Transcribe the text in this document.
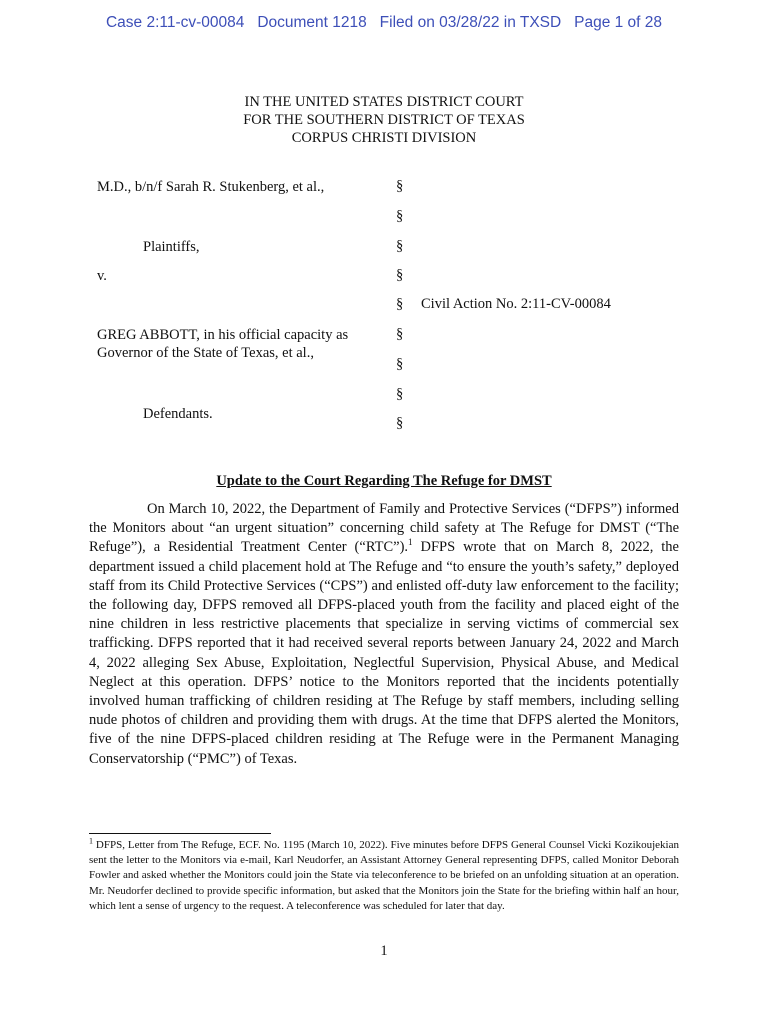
Case 2:11-cv-00084 Document 1218 Filed on 03/28/22 in TXSD Page 1 of 28
IN THE UNITED STATES DISTRICT COURT
FOR THE SOUTHERN DISTRICT OF TEXAS
CORPUS CHRISTI DIVISION
M.D., b/n/f Sarah R. Stukenberg, et al.,
Plaintiffs,
v.
GREG ABBOTT, in his official capacity as
Governor of the State of Texas, et al.,
Defendants.
§
§
§
§
§
§
§
§
§
Civil Action No. 2:11-CV-00084
Update to the Court Regarding The Refuge for DMST

On March 10, 2022, the Department of Family and Protective Services (“DFPS”) informed the Monitors about “an urgent situation” concerning child safety at The Refuge for DMST (“The Refuge”), a Residential Treatment Center (“RTC”).$^1$ DFPS wrote that on March 8, 2022, the department issued a child placement hold at The Refuge and “to ensure the youth’s safety,” deployed staff from its Child Protective Services (“CPS”) and enlisted off-duty law enforcement to the facility; the following day, DFPS removed all DFPS-placed youth from the facility and placed eight of the nine children in less restrictive placements that specialize in serving victims of commercial sex trafficking. DFPS reported that it had received several reports between January 24, 2022 and March 4, 2022 alleging Sex Abuse, Exploitation, Neglectful Supervision, Physical Abuse, and Medical Neglect at this operation. DFPS’ notice to the Monitors reported that the incidents potentially involved human trafficking of children residing at The Refuge by staff members, including selling nude photos of children and providing them with drugs. At the time that DFPS alerted the Monitors, five of the nine DFPS-placed children residing at The Refuge were in the Permanent Managing Conservatorship (“PMC”) of Texas.

$^1$ DFPS, Letter from The Refuge, ECF. No. 1195 (March 10, 2022). Five minutes before DFPS General Counsel Vicki Kozikoujekian sent the letter to the Monitors via e-mail, Karl Neudorfer, an Assistant Attorney General representing DFPS, called Monitor Deborah Fowler and asked whether the Monitors could join the State via teleconference to be briefed on an unfolding situation at an operation. Mr. Neudorfer declined to provide specific information, but asked that the Monitors join the State for the briefing within half an hour, which lent a sense of urgency to the request. A teleconference was scheduled for later that day.

1
